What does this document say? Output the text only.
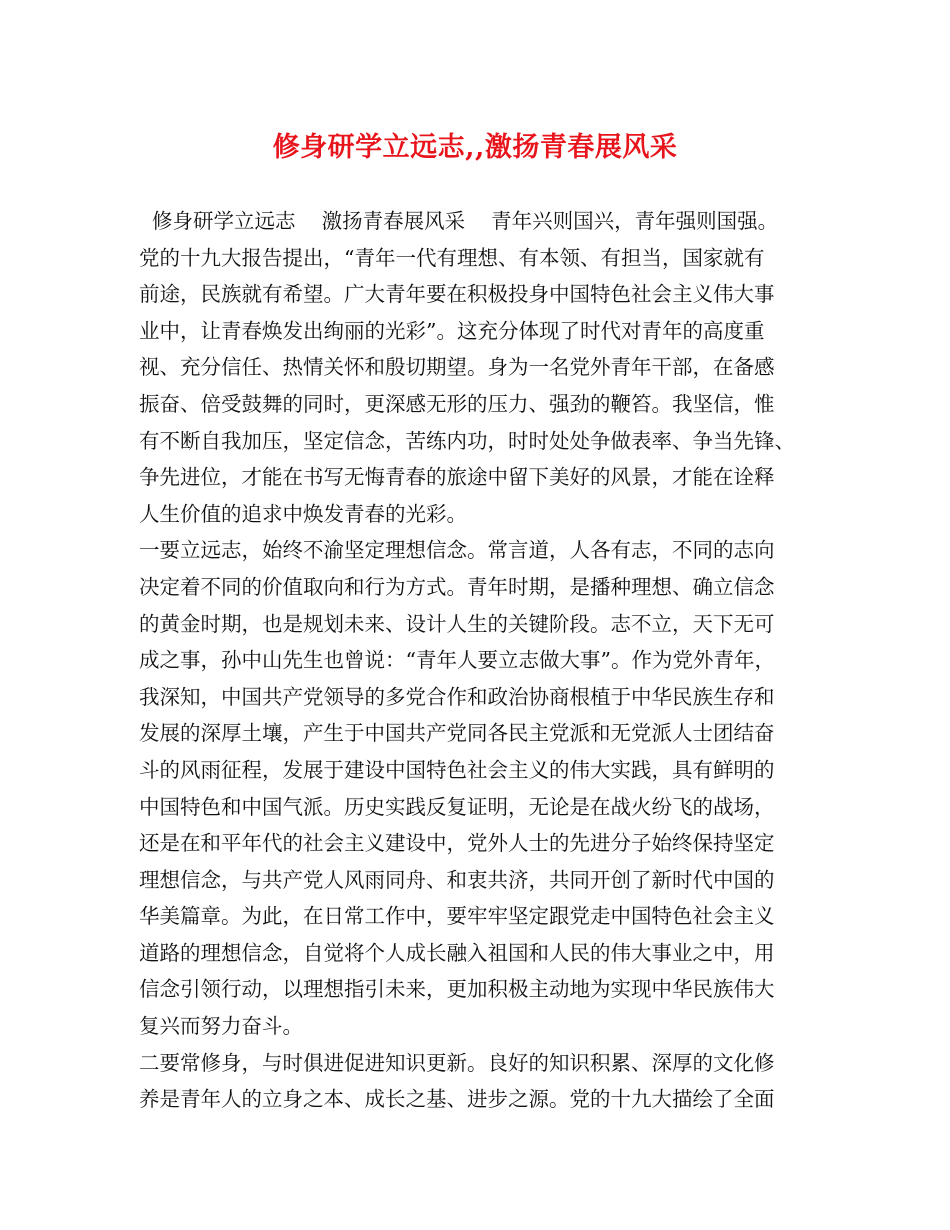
修身研学立远志,,激扬青春展风采
修身研学立远志    激扬青春展风采    青年兴则国兴，青年强则国强。
党的十九大报告提出，“青年一代有理想、有本领、有担当，国家就有
前途，民族就有希望。广大青年要在积极投身中国特色社会主义伟大事
业中，让青春焕发出绚丽的光彩”。这充分体现了时代对青年的高度重
视、充分信任、热情关怀和殷切期望。身为一名党外青年干部，在备感
振奋、倍受鼓舞的同时，更深感无形的压力、强劲的鞭笞。我坚信，惟
有不断自我加压，坚定信念，苦练内功，时时处处争做表率、争当先锋、
争先进位，才能在书写无悔青春的旅途中留下美好的风景，才能在诠释
人生价值的追求中焕发青春的光彩。
一要立远志，始终不渝坚定理想信念。常言道，人各有志，不同的志向
决定着不同的价值取向和行为方式。青年时期，是播种理想、确立信念
的黄金时期，也是规划未来、设计人生的关键阶段。志不立，天下无可
成之事，孙中山先生也曾说：“青年人要立志做大事”。作为党外青年，
我深知，中国共产党领导的多党合作和政治协商根植于中华民族生存和
发展的深厚土壤，产生于中国共产党同各民主党派和无党派人士团结奋
斗的风雨征程，发展于建设中国特色社会主义的伟大实践，具有鲜明的
中国特色和中国气派。历史实践反复证明，无论是在战火纷飞的战场，
还是在和平年代的社会主义建设中，党外人士的先进分子始终保持坚定
理想信念，与共产党人风雨同舟、和衷共济，共同开创了新时代中国的
华美篇章。为此，在日常工作中，要牢牢坚定跟党走中国特色社会主义
道路的理想信念，自觉将个人成长融入祖国和人民的伟大事业之中，用
信念引领行动，以理想指引未来，更加积极主动地为实现中华民族伟大
复兴而努力奋斗。
二要常修身，与时俱进促进知识更新。良好的知识积累、深厚的文化修
养是青年人的立身之本、成长之基、进步之源。党的十九大描绘了全面
